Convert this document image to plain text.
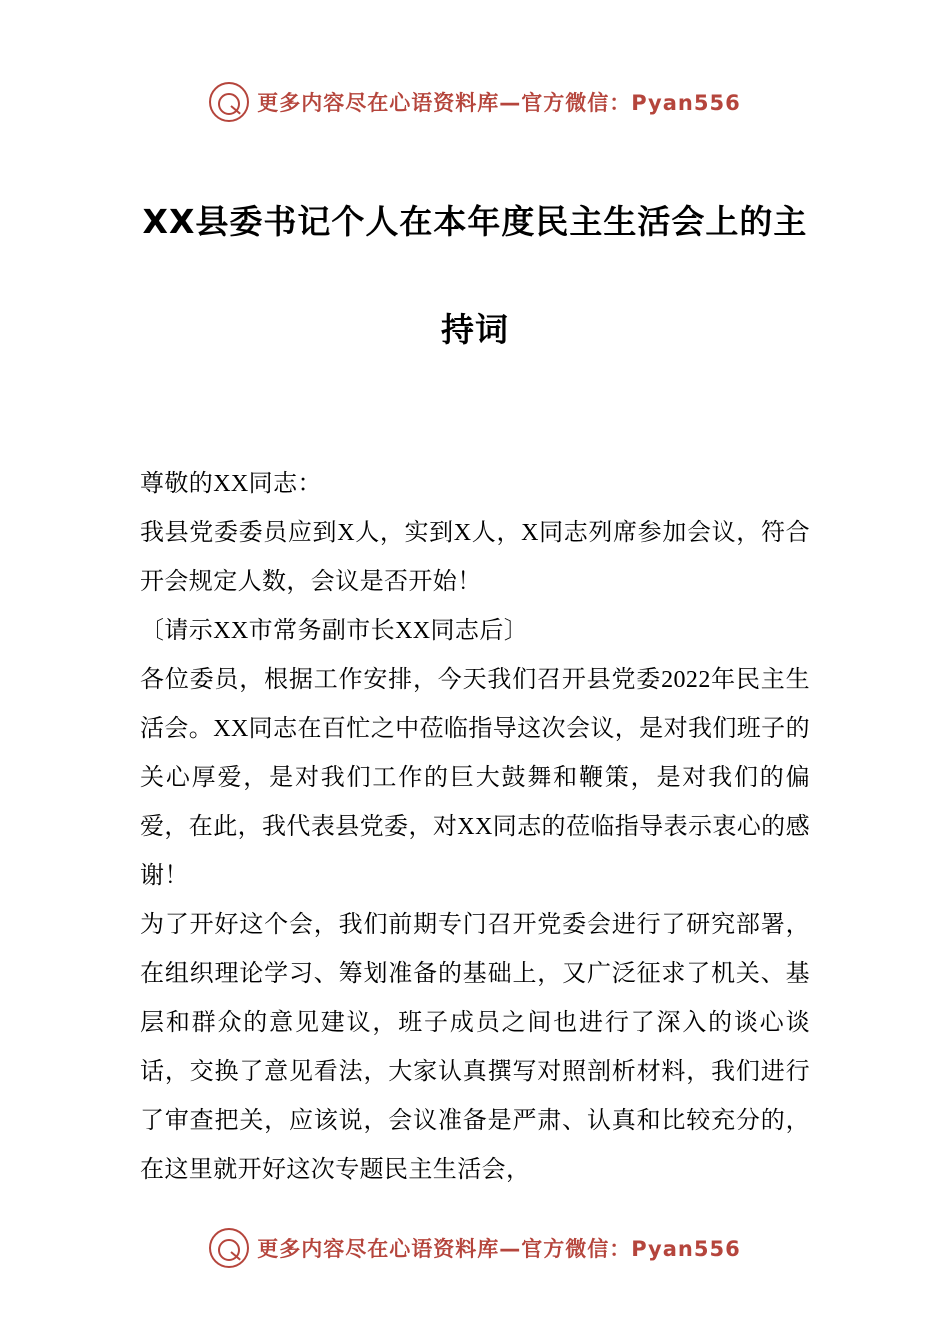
更多内容尽在心语资料库—官方微信：Pyan556
XX县委书记个人在本年度民主生活会上的主持词

尊敬的XX同志：

我县党委委员应到X人，实到X人，X同志列席参加会议，符合开会规定人数，会议是否开始！

〔请示XX市常务副市长XX同志后〕

各位委员，根据工作安排，今天我们召开县党委2022年民主生活会。XX同志在百忙之中莅临指导这次会议，是对我们班子的关心厚爱，是对我们工作的巨大鼓舞和鞭策，是对我们的偏爱，在此，我代表县党委，对XX同志的莅临指导表示衷心的感谢！

为了开好这个会，我们前期专门召开党委会进行了研究部署，在组织理论学习、筹划准备的基础上，又广泛征求了机关、基层和群众的意见建议，班子成员之间也进行了深入的谈心谈话，交换了意见看法，大家认真撰写对照剖析材料，我们进行了审查把关，应该说，会议准备是严肃、认真和比较充分的，在这里就开好这次专题民主生活会，

更多内容尽在心语资料库—官方微信：Pyan556
